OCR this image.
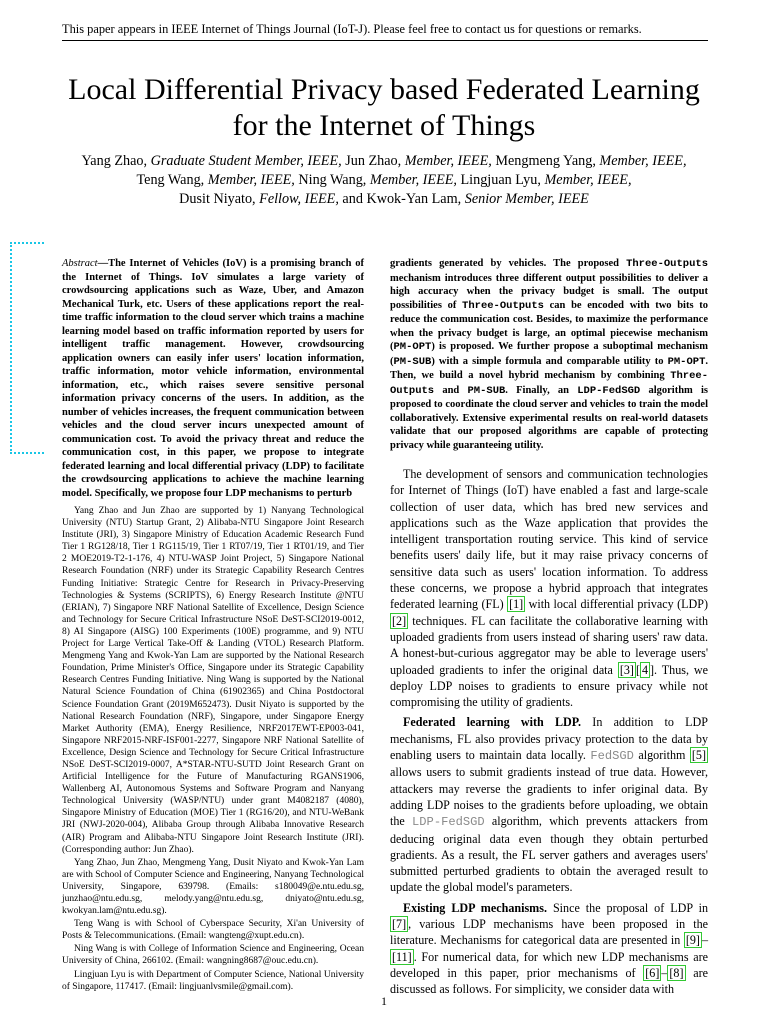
This paper appears in IEEE Internet of Things Journal (IoT-J). Please feel free to contact us for questions or remarks.
Local Differential Privacy based Federated Learning
for the Internet of Things
Yang Zhao, Graduate Student Member, IEEE, Jun Zhao, Member, IEEE, Mengmeng Yang, Member, IEEE,
Teng Wang, Member, IEEE, Ning Wang, Member, IEEE, Lingjuan Lyu, Member, IEEE,
Dusit Niyato, Fellow, IEEE, and Kwok-Yan Lam, Senior Member, IEEE
Abstract—The Internet of Vehicles (IoV) is a promising branch of the Internet of Things. IoV simulates a large variety of crowdsourcing applications such as Waze, Uber, and Amazon Mechanical Turk, etc. Users of these applications report the real-time traffic information to the cloud server which trains a machine learning model based on traffic information reported by users for intelligent traffic management. However, crowdsourcing application owners can easily infer users' location information, traffic information, motor vehicle information, environmental information, etc., which raises severe sensitive personal information privacy concerns of the users. In addition, as the number of vehicles increases, the frequent communication between vehicles and the cloud server incurs unexpected amount of communication cost. To avoid the privacy threat and reduce the communication cost, in this paper, we propose to integrate federated learning and local differential privacy (LDP) to facilitate the crowdsourcing applications to achieve the machine learning model. Specifically, we propose four LDP mechanisms to perturb

Yang Zhao and Jun Zhao are supported by 1) Nanyang Technological University (NTU) Startup Grant, 2) Alibaba-NTU Singapore Joint Research Institute (JRI), 3) Singapore Ministry of Education Academic Research Fund Tier 1 RG128/18, Tier 1 RG115/19, Tier 1 RT07/19, Tier 1 RT01/19, and Tier 2 MOE2019-T2-1-176, 4) NTU-WASP Joint Project, 5) Singapore National Research Foundation (NRF) under its Strategic Capability Research Centres Funding Initiative: Strategic Centre for Research in Privacy-Preserving Technologies & Systems (SCRIPTS), 6) Energy Research Institute @NTU (ERIAN), 7) Singapore NRF National Satellite of Excellence, Design Science and Technology for Secure Critical Infrastructure NSoE DeST-SCI2019-0012, 8) AI Singapore (AISG) 100 Experiments (100E) programme, and 9) NTU Project for Large Vertical Take-Off & Landing (VTOL) Research Platform. Mengmeng Yang and Kwok-Yan Lam are supported by the National Research Foundation, Prime Minister's Office, Singapore under its Strategic Capability Research Centres Funding Initiative. Ning Wang is supported by the National Natural Science Foundation of China (61902365) and China Postdoctoral Science Foundation Grant (2019M652473). Dusit Niyato is supported by the National Research Foundation (NRF), Singapore, under Singapore Energy Market Authority (EMA), Energy Resilience, NRF2017EWT-EP003-041, Singapore NRF2015-NRF-ISF001-2277, Singapore NRF National Satellite of Excellence, Design Science and Technology for Secure Critical Infrastructure NSoE DeST-SCI2019-0007, A*STAR-NTU-SUTD Joint Research Grant on Artificial Intelligence for the Future of Manufacturing RGANS1906, Wallenberg AI, Autonomous Systems and Software Program and Nanyang Technological University (WASP/NTU) under grant M4082187 (4080), Singapore Ministry of Education (MOE) Tier 1 (RG16/20), and NTU-WeBank JRI (NWJ-2020-004), Alibaba Group through Alibaba Innovative Research (AIR) Program and Alibaba-NTU Singapore Joint Research Institute (JRI). (Corresponding author: Jun Zhao).

Yang Zhao, Jun Zhao, Mengmeng Yang, Dusit Niyato and Kwok-Yan Lam are with School of Computer Science and Engineering, Nanyang Technological University, Singapore, 639798. (Emails: s180049@e.ntu.edu.sg, junzhao@ntu.edu.sg, melody.yang@ntu.edu.sg, dniyato@ntu.edu.sg, kwokyan.lam@ntu.edu.sg).

Teng Wang is with School of Cyberspace Security, Xi'an University of Posts & Telecommunications. (Email: wangteng@xupt.edu.cn).

Ning Wang is with College of Information Science and Engineering, Ocean University of China, 266102. (Email: wangning8687@ouc.edu.cn).

Lingjuan Lyu is with Department of Computer Science, National University of Singapore, 117417. (Email: lingjuanlvsmile@gmail.com).

gradients generated by vehicles. The proposed Three-Outputs mechanism introduces three different output possibilities to deliver a high accuracy when the privacy budget is small. The output possibilities of Three-Outputs can be encoded with two bits to reduce the communication cost. Besides, to maximize the performance when the privacy budget is large, an optimal piecewise mechanism (PM-OPT) is proposed. We further propose a suboptimal mechanism (PM-SUB) with a simple formula and comparable utility to PM-OPT. Then, we build a novel hybrid mechanism by combining Three-Outputs and PM-SUB. Finally, an LDP-FedSGD algorithm is proposed to coordinate the cloud server and vehicles to train the model collaboratively. Extensive experimental results on real-world datasets validate that our proposed algorithms are capable of protecting privacy while guaranteeing utility.

The development of sensors and communication technologies for Internet of Things (IoT) have enabled a fast and large-scale collection of user data, which has bred new services and applications such as the Waze application that provides the intelligent transportation routing service. This kind of service benefits users' daily life, but it may raise privacy concerns of sensitive data such as users' location information. To address these concerns, we propose a hybrid approach that integrates federated learning (FL) [1] with local differential privacy (LDP) [2] techniques. FL can facilitate the collaborative learning with uploaded gradients from users instead of sharing users' raw data. A honest-but-curious aggregator may be able to leverage users' uploaded gradients to infer the original data [3] [ 4 ]. Thus, we deploy LDP noises to gradients to ensure privacy while not compromising the utility of gradients.

Federated learning with LDP. In addition to LDP mechanisms, FL also provides privacy protection to the data by enabling users to maintain data locally. FedSGD algorithm [5] allows users to submit gradients instead of true data. However, attackers may reverse the gradients to infer original data. By adding LDP noises to the gradients before uploading, we obtain the LDP-FedSGD algorithm, which prevents attackers from deducing original data even though they obtain perturbed gradients. As a result, the FL server gathers and averages users' submitted perturbed gradients to obtain the averaged result to update the global model's parameters.

Existing LDP mechanisms. Since the proposal of LDP in [7] , various LDP mechanisms have been proposed in the literature. Mechanisms for categorical data are presented in [9] –[11] . For numerical data, for which new LDP mechanisms are developed in this paper, prior mechanisms of [6] – [8] are discussed as follows. For simplicity, we consider data with

1
